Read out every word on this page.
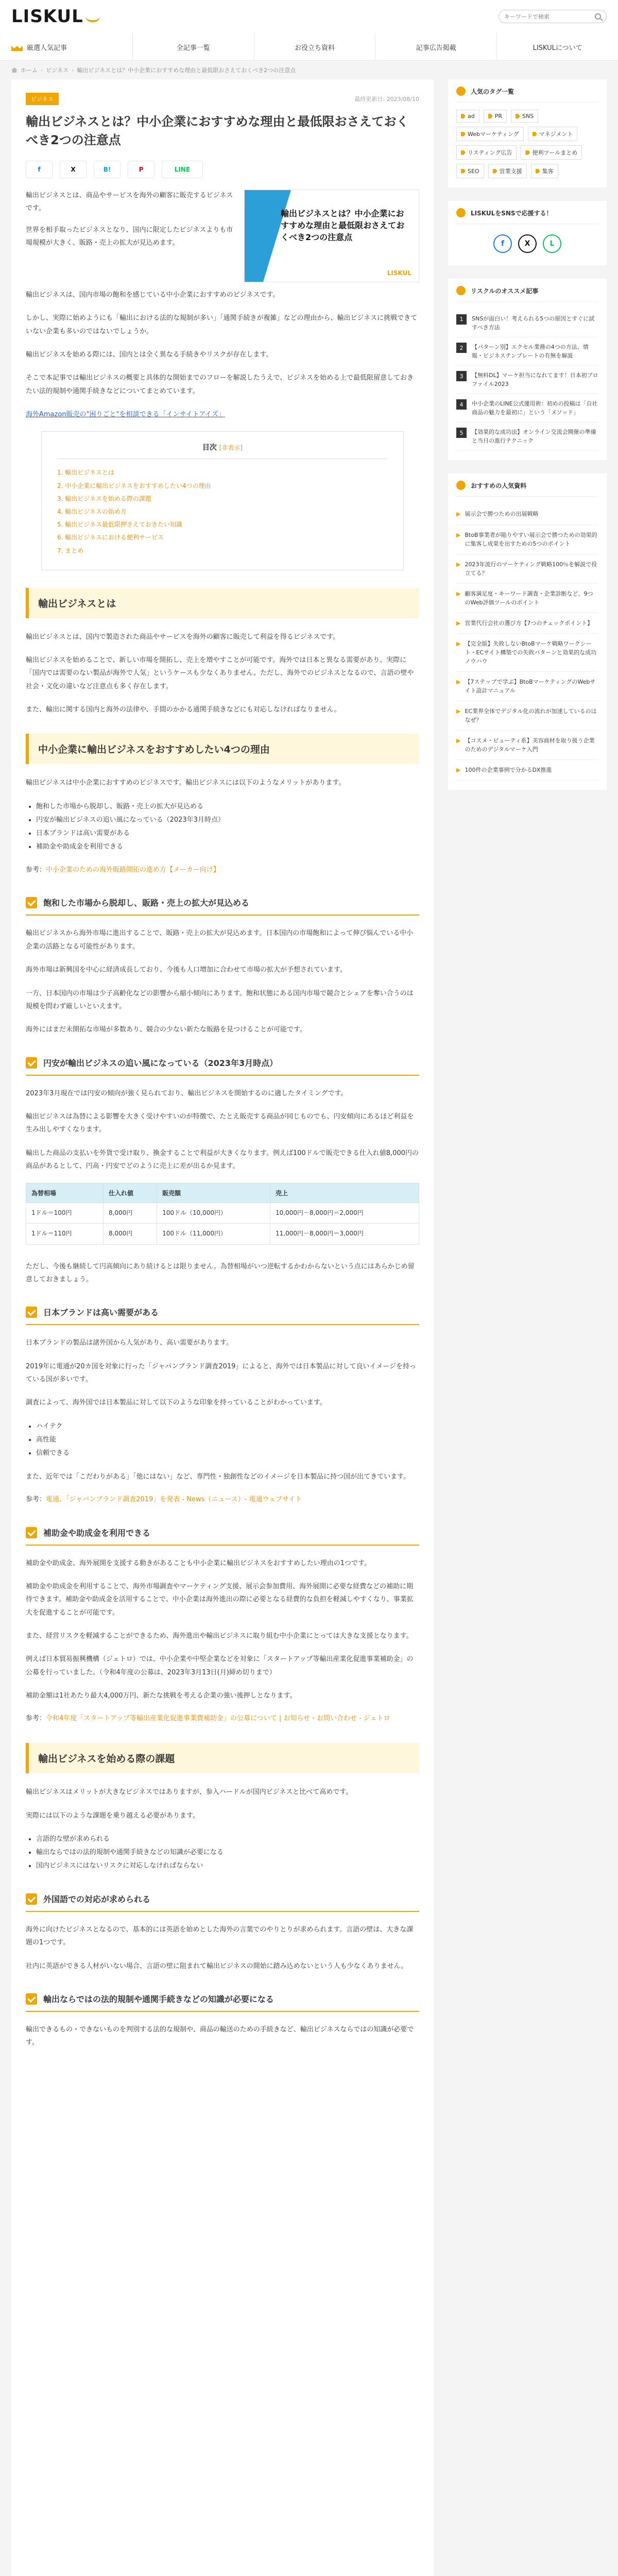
LISKUL
キーワードで検索
厳選人気記事	全記事一覧	お役立ち資料	記事広告掲載	LISKULについて
ホーム › ビジネス › 輸出ビジネスとは？中小企業におすすめな理由と最低限おさえておくべき2つの注意点
ビジネス	最終更新日: 2023/08/10
輸出ビジネスとは？中小企業におすすめな理由と最低限おさえておくべき2つの注意点
f	X	B!	P	LINE

輸出ビジネスとは、商品やサービスを海外の顧客に販売するビジネスです。

世界を相手取ったビジネスとなり、国内に限定したビジネスよりも市場規模が大きく、販路・売上の拡大が見込めます。

輸出ビジネスとは？中小企業におすすめな理由と最低限おさえておくべき2つの注意点
LISKUL

輸出ビジネスは、国内市場の飽和を感じている中小企業におすすめのビジネスです。

しかし、実際に始めようにも「輸出における法的な規制が多い」「通関手続きが複雑」などの理由から、輸出ビジネスに挑戦できていない企業も多いのではないでしょうか。

輸出ビジネスを始める際には、国内とは全く異なる手続きやリスクが存在します。

そこで本記事では輸出ビジネスの概要と具体的な開始までのフローを解説したうえで、ビジネスを始める上で最低限留意しておきたい法的規制や通関手続きなどについてまとめています。

海外Amazon販売の"困りごと"を相談できる「インサイトアイズ」

目次 [非表示]
1. 輸出ビジネスとは
2. 中小企業に輸出ビジネスをおすすめしたい4つの理由
3. 輸出ビジネスを始める際の課題
4. 輸出ビジネスの始め方
5. 輸出ビジネス最低限押さえておきたい知識
6. 輸出ビジネスにおける便利サービス
7. まとめ
輸出ビジネスとは

輸出ビジネスとは、国内で製造された商品やサービスを海外の顧客に販売して利益を得るビジネスです。

輸出ビジネスを始めることで、新しい市場を開拓し、売上を増やすことが可能です。海外では日本と異なる需要があり、実際に「国内では需要のない製品が海外で人気」というケースも少なくありません。ただし、海外でのビジネスとなるので、言語の壁や社会・文化の違いなど注意点も多く存在します。

また、輸出に関する国内と海外の法律や、手間のかかる通関手続きなどにも対応しなければなりません。

中小企業に輸出ビジネスをおすすめしたい4つの理由

輸出ビジネスは中小企業におすすめのビジネスです。輸出ビジネスには以下のようなメリットがあります。

• 飽和した市場から脱却し、販路・売上の拡大が見込める
• 円安が輸出ビジネスの追い風になっている（2023年3月時点）
• 日本ブランドは高い需要がある
• 補助金や助成金を利用できる

参考：中小企業のための海外販路開拓の進め方【メーカー向け】

飽和した市場から脱却し、販路・売上の拡大が見込める

輸出ビジネスから海外市場に進出することで、販路・売上の拡大が見込めます。日本国内の市場飽和によって伸び悩んでいる中小企業の活路となる可能性があります。

海外市場は新興国を中心に経済成長しており、今後も人口増加に合わせて市場の拡大が予想されています。

一方、日本国内の市場は少子高齢化などの影響から縮小傾向にあります。飽和状態にある国内市場で競合とシェアを奪い合うのは規模を問わず厳しいといえます。

海外にはまだ未開拓な市場が多数あり、競合の少ない新たな販路を見つけることが可能です。

円安が輸出ビジネスの追い風になっている（2023年3月時点）

2023年3月現在では円安の傾向が強く見られており、輸出ビジネスを開始するのに適したタイミングです。

輸出ビジネスは為替による影響を大きく受けやすいのが特徴で、たとえ販売する商品が同じものでも、円安傾向にあるほど利益を生み出しやすくなります。

輸出した商品の支払いを外貨で受け取り、換金することで利益が大きくなります。例えば100ドルで販売できる仕入れ値8,000円の商品があるとして、円高・円安でどのように売上に差が出るか見ます。

為替相場	仕入れ値	販売額	売上
1ドル＝100円	8,000円	100ドル（10,000円）	10,000円－8,000円＝2,000円
1ドル＝110円	8,000円	100ドル（11,000円）	11,000円－8,000円＝3,000円

ただし、今後も継続して円高傾向にあり続けるとは限りません。為替相場がいつ逆転するかわからないという点にはあらかじめ留意しておきましょう。

日本ブランドは高い需要がある

日本ブランドの製品は諸外国から人気があり、高い需要があります。

2019年に電通が20カ国を対象に行った「ジャパンブランド調査2019」によると、海外では日本製品に対して良いイメージを持っている国が多いです。

調査によって、海外国では日本製品に対して以下のような印象を持っていることがわかっています。

• ハイテク
• 高性能
• 信頼できる

また、近年では「こだわりがある」「他にはない」など、専門性・独創性などのイメージを日本製品に持つ国が出てきています。

参考：電通、「ジャパンブランド調査2019」を発表 - News（ニュース）- 電通ウェブサイト

補助金や助成金を利用できる

補助金や助成金、海外展開を支援する動きがあることも中小企業に輸出ビジネスをおすすめしたい理由の1つです。

補助金や助成金を利用することで、海外市場調査やマーケティング支援、展示会参加費用、海外展開に必要な経費などの補助に期待できます。補助金や助成金を活用することで、中小企業は海外進出の際に必要となる経費的な負担を軽減しやすくなり、事業拡大を促進することが可能です。

また、経営リスクを軽減することができるため、海外進出や輸出ビジネスに取り組む中小企業にとっては大きな支援となります。

例えば日本貿易振興機構（ジェトロ）では、中小企業や中堅企業などを対象に「スタートアップ等輸出産業化促進事業補助金」の公募を行っていました。（令和4年度の公募は、2023年3月13日(月)締め切りまで）

補助金額は1社あたり最大4,000万円、新たな挑戦を考える企業の強い後押しとなります。

参考：令和4年度「スタートアップ等輸出産業化促進事業費補助金」の公募について | お知らせ・お問い合わせ - ジェトロ

輸出ビジネスを始める際の課題

輸出ビジネスはメリットが大きなビジネスではありますが、参入ハードルが国内ビジネスと比べて高めです。

実際には以下のような課題を乗り越える必要があります。

• 言語的な壁が求められる
• 輸出ならではの法的規制や通関手続きなどの知識が必要になる
• 国内ビジネスにはないリスクに対応しなければならない
外国語での対応が求められる

海外に向けたビジネスとなるので、基本的には英語を始めとした海外の言葉でのやりとりが求められます。言語の壁は、大きな課題の1つです。

社内に英語ができる人材がいない場合、言語の壁に阻まれて輸出ビジネスの開始に踏み込めないという人も少なくありません。

輸出ならではの法的規制や通関手続きなどの知識が必要になる

輸出できるもの・できないものを判別する法的な規制や、商品の輸送のための手続きなど、輸出ビジネスならではの知識が必要です。

人気のタグ一覧
ad	PR	SNS
Webマーケティング	マネジメント
リスティング広告	便利ツールまとめ
SEO	営業支援	集客
LISKULをSNSで応援する！
f	X	L
リスクルのオススメ記事
1	SNSが面白い！考えられる5つの原因とすぐに試すべき方法
2	【パターン別】エクセル業務の4つの方法、情報・ビジネステンプレートの有無を解説
3	【無料DL】マーケ担当になれてます！日本初プロファイル2023
4	中小企業のLINE公式運用術：初めの投稿は「自社商品の魅力を最初に」という「メソッド」
5	【効果的な成功法】オンライン交流会開催の準備と当日の進行テクニック
おすすめの人気資料
▶ 展示会で勝つための出展戦略
▶ BtoB事業者が陥りやすい展示会で勝つための効果的に集客し成果を出すための5つのポイント
▶ 2023年流行のマーケティング戦略100％を解説で役立てる？
▶ 顧客満足度・キーワード調査・企業診断など、9つのWeb評価ツールのポイント
▶ 営業代行会社の選び方【7つのチェックポイント】
▶ 【完全版】失敗しないBtoBマーケ戦略ワークシート・ECサイト構築での失敗パターンと効果的な成功ノウハウ
▶ 【7ステップで学ぶ】BtoBマーケティングのWebサイト設計マニュアル
▶ EC業界全体でデジタル化の流れが加速しているのはなぜ？
▶ 【コスメ・ビューティ系】美容商材を取り扱う企業のためのデジタルマーケ入門
▶ 100件の企業事例で分かるDX推進
